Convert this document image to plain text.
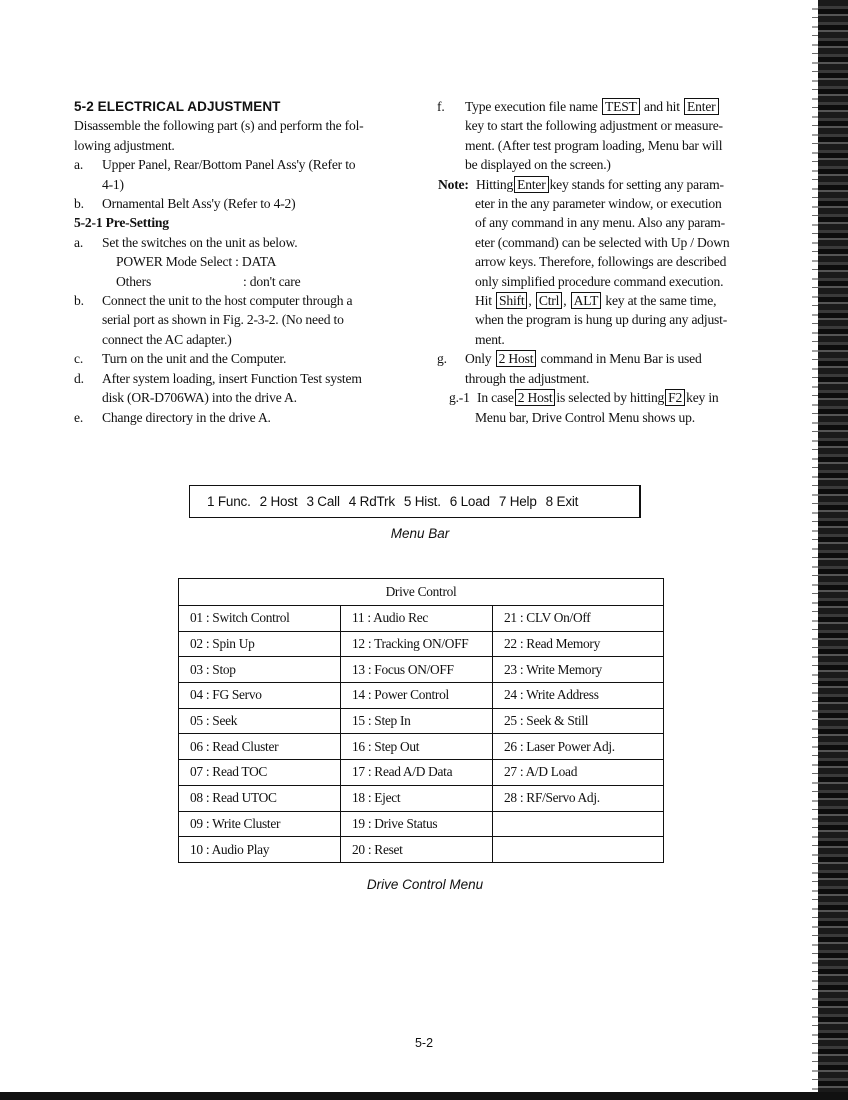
5-2 ELECTRICAL ADJUSTMENT
Disassemble the following part (s) and perform the fol-
lowing adjustment.
a.	Upper Panel, Rear/Bottom Panel Ass'y (Refer to
4-1)
b.	Ornamental Belt Ass'y (Refer to 4-2)
5-2-1 Pre-Setting
a.	Set the switches on the unit as below.
POWER Mode Select : DATA
Others	: don't care
b.	Connect the unit to the host computer through a
serial port as shown in Fig. 2-3-2. (No need to
connect the AC adapter.)
c.	Turn on the unit and the Computer.
d.	After system loading, insert Function Test system
disk (OR-D706WA) into the drive A.
e.	Change directory in the drive A.
f.	Type execution file name TEST and hit Enter
key to start the following adjustment or measure-
ment. (After test program loading, Menu bar will
be displayed on the screen.)
Note: Hitting Enter key stands for setting any param-
eter in the any parameter window, or execution
of any command in any menu. Also any param-
eter (command) can be selected with Up / Down
arrow keys. Therefore, followings are described
only simplified procedure command execution.
Hit Shift , Ctrl , ALT key at the same time,
when the program is hung up during any adjust-
ment.
g.	Only 2 Host command in Menu Bar is used
through the adjustment.
g.-1 In case 2 Host is selected by hitting F2 key in
Menu bar, Drive Control Menu shows up.
1 Func. 2 Host 3 Call 4 RdTrk 5 Hist. 6 Load 7 Help 8 Exit
Menu Bar
Drive Control		
01 : Switch Control	11 : Audio Rec	21 : CLV On/Off
02 : Spin Up	12 : Tracking ON/OFF	22 : Read Memory
03 : Stop	13 : Focus ON/OFF	23 : Write Memory
04 : FG Servo	14 : Power Control	24 : Write Address
05 : Seek	15 : Step In	25 : Seek & Still
06 : Read Cluster	16 : Step Out	26 : Laser Power Adj.
07 : Read TOC	17 : Read A/D Data	27 : A/D Load
08 : Read UTOC	18 : Eject	28 : RF/Servo Adj.
09 : Write Cluster	19 : Drive Status	
10 : Audio Play	20 : Reset	
Drive Control Menu
5-2
